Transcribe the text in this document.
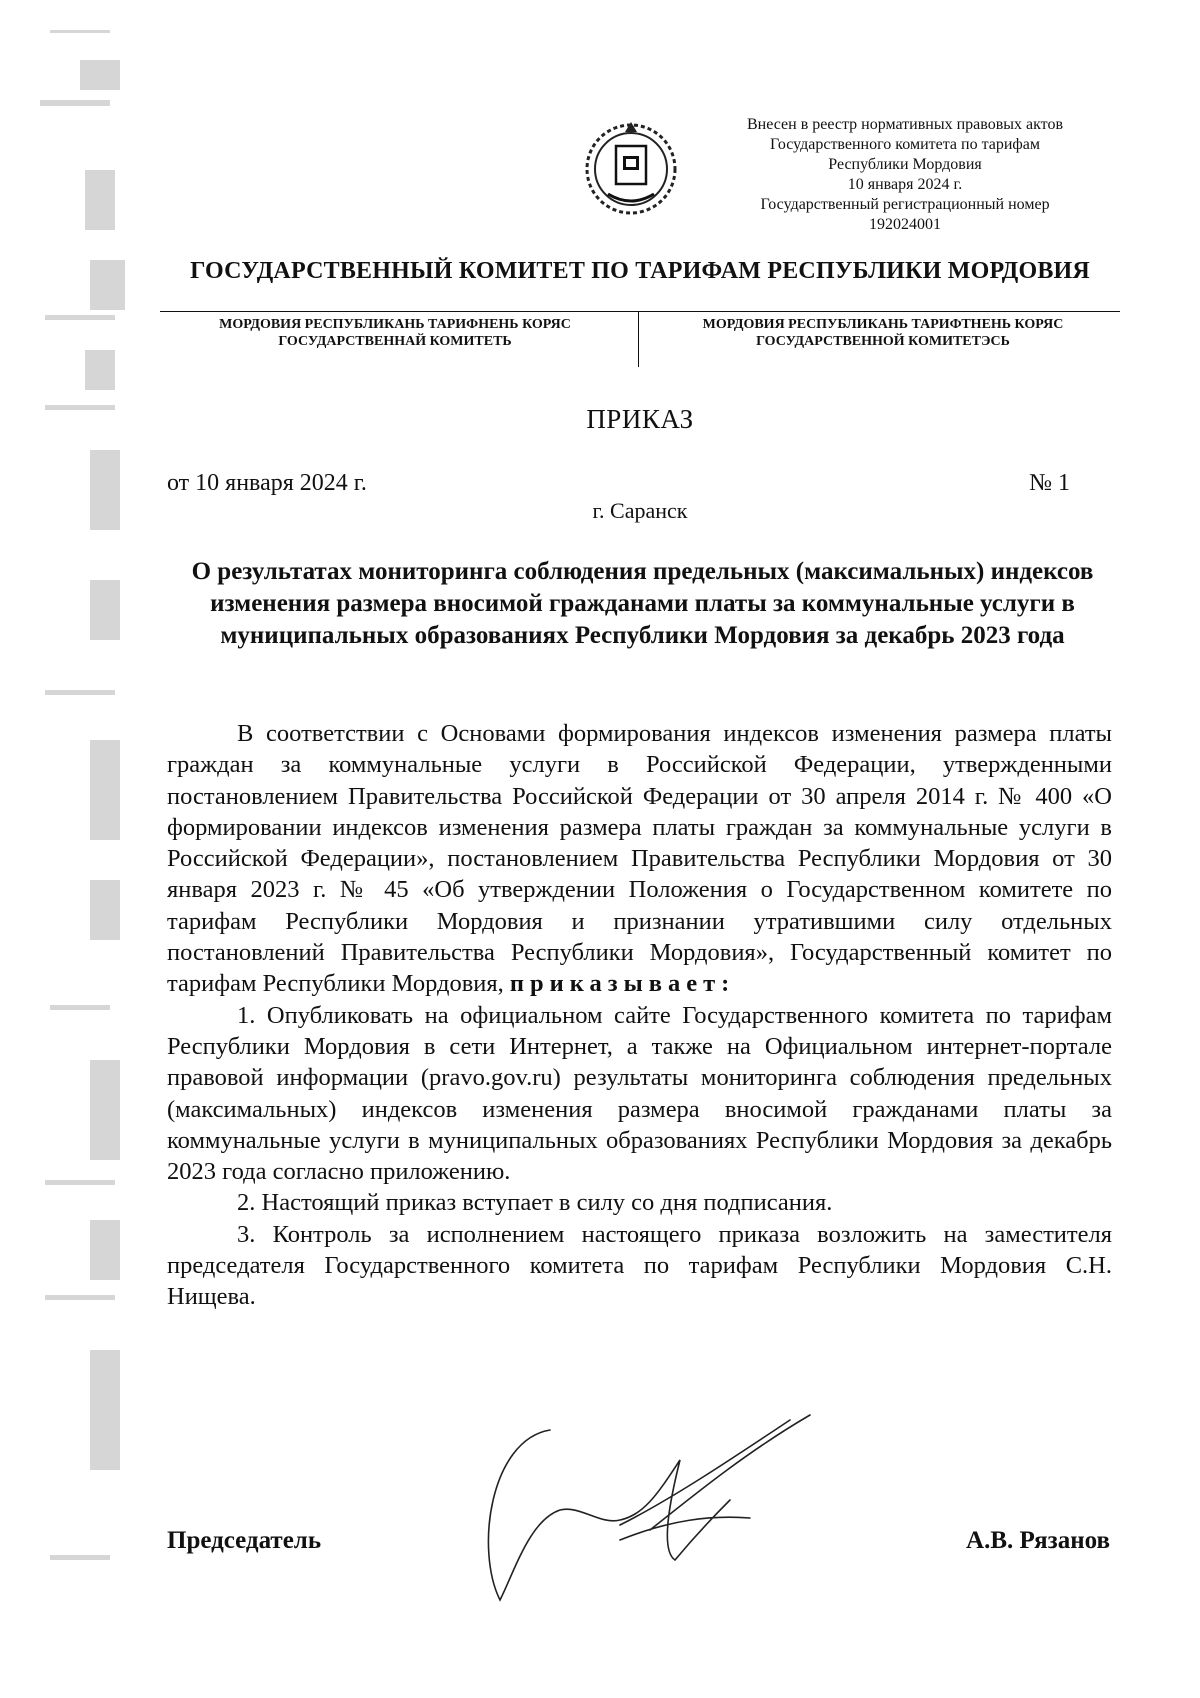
Внесен в реестр нормативных правовых актов
Государственного комитета по тарифам
Республики Мордовия
10 января 2024 г.
Государственный регистрационный номер
192024001
ГОСУДАРСТВЕННЫЙ КОМИТЕТ ПО ТАРИФАМ РЕСПУБЛИКИ МОРДОВИЯ
МОРДОВИЯ РЕСПУБЛИКАНЬ ТАРИФНЕНЬ КОРЯС
ГОСУДАРСТВЕННАЙ КОМИТЕТЬ
МОРДОВИЯ РЕСПУБЛИКАНЬ ТАРИФТНЕНЬ КОРЯС
ГОСУДАРСТВЕННОЙ КОМИТЕТЭСЬ
ПРИКАЗ
от 10 января 2024 г.	№ 1
г. Саранск
О результатах мониторинга соблюдения предельных (максимальных) индексов изменения размера вносимой гражданами платы за коммунальные услуги в муниципальных образованиях Республики Мордовия за декабрь 2023 года

В соответствии с Основами формирования индексов изменения размера платы граждан за коммунальные услуги в Российской Федерации, утвержденными постановлением Правительства Российской Федерации от 30 апреля 2014 г. № 400 «О формировании индексов изменения размера платы граждан за коммунальные услуги в Российской Федерации», постановлением Правительства Республики Мордовия от 30 января 2023 г. № 45 «Об утверждении Положения о Государственном комитете по тарифам Республики Мордовия и признании утратившими силу отдельных постановлений Правительства Республики Мордовия», Государственный комитет по тарифам Республики Мордовия, приказывает:

1. Опубликовать на официальном сайте Государственного комитета по тарифам Республики Мордовия в сети Интернет, а также на Официальном интернет-портале правовой информации (pravo.gov.ru) результаты мониторинга соблюдения предельных (максимальных) индексов изменения размера вносимой гражданами платы за коммунальные услуги в муниципальных образованиях Республики Мордовия за декабрь 2023 года согласно приложению.

2. Настоящий приказ вступает в силу со дня подписания.

3. Контроль за исполнением настоящего приказа возложить на заместителя председателя Государственного комитета по тарифам Республики Мордовия С.Н. Нищева.

Председатель	А.В. Рязанов
